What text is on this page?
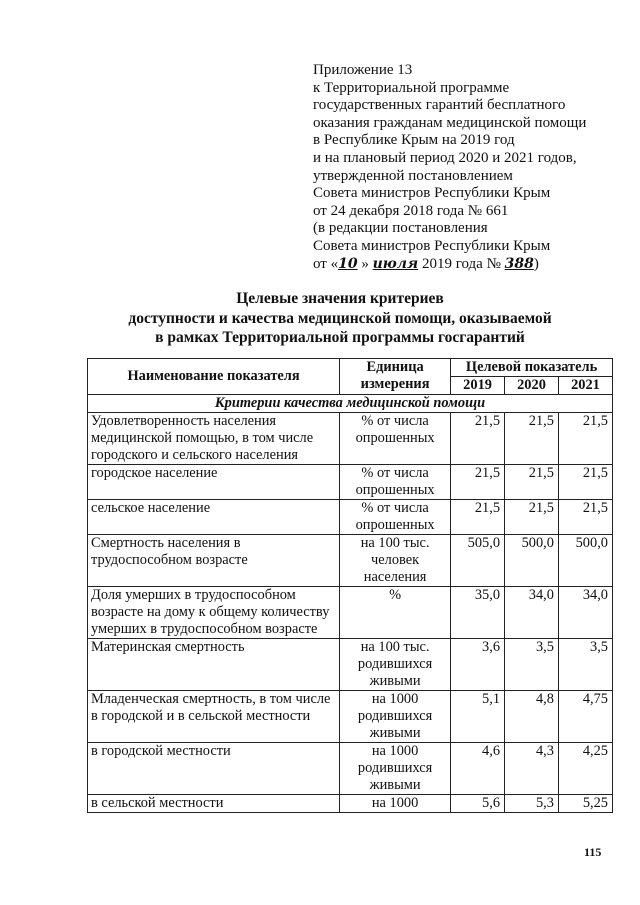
Приложение 13
к Территориальной программе
государственных гарантий бесплатного
оказания гражданам медицинской помощи
в Республике Крым на 2019 год
и на плановый период 2020 и 2021 годов,
утвержденной постановлением
Совета министров Республики Крым
от 24 декабря 2018 года № 661
(в редакции постановления
Совета министров Республики Крым
от «10 » июля 2019 года № 388)
Целевые значения критериев
доступности и качества медицинской помощи, оказываемой
в рамках Территориальной программы госгарантий
Наименование показателя	Единица измерения	Целевой показатель		
		2019	2020	2021
Критерии качества медицинской помощи				
Удовлетворенность населения медицинской помощью, в том числе городского и сельского населения	% от числа опрошенных	21,5	21,5	21,5
городское население	% от числа опрошенных	21,5	21,5	21,5
сельское население	% от числа опрошенных	21,5	21,5	21,5
Смертность населения в трудоспособном возрасте	на 100 тыс. человек населения	505,0	500,0	500,0
Доля умерших в трудоспособном возрасте на дому к общему количеству умерших в трудоспособном возрасте	%	35,0	34,0	34,0
Материнская смертность	на 100 тыс. родившихся живыми	3,6	3,5	3,5
Младенческая смертность, в том числе в городской и в сельской местности	на 1000 родившихся живыми	5,1	4,8	4,75
в городской местности	на 1000 родившихся живыми	4,6	4,3	4,25
в сельской местности	на 1000	5,6	5,3	5,25
115
